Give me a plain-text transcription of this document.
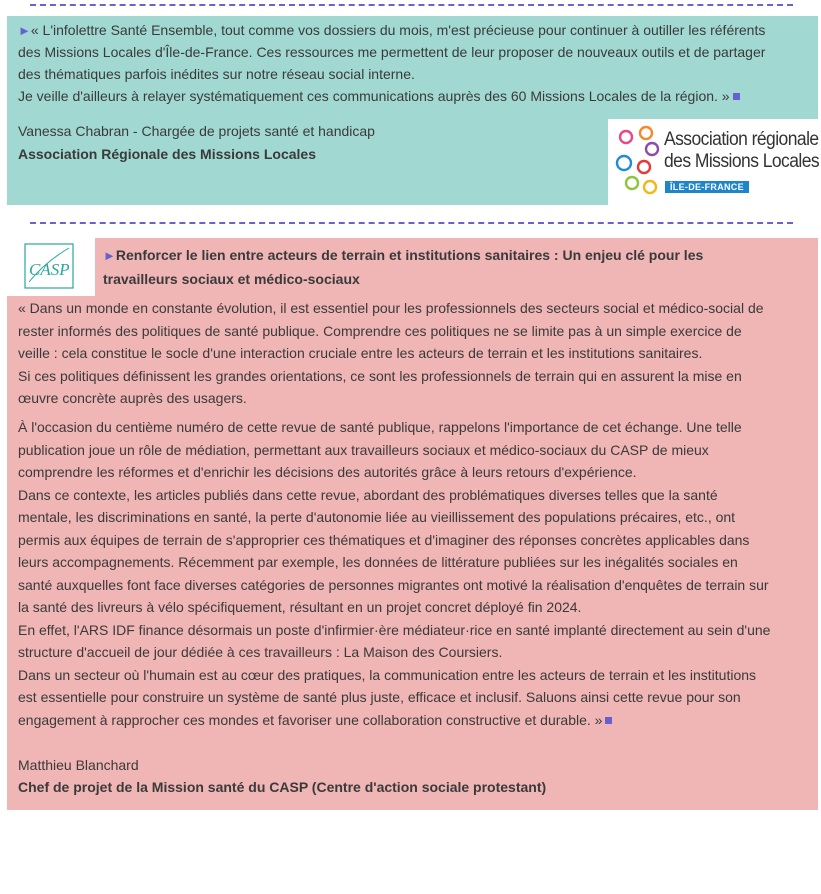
►« L'infolettre Santé Ensemble, tout comme vos dossiers du mois, m'est précieuse pour continuer à outiller les référents
des Missions Locales d'Île-de-France. Ces ressources me permettent de leur proposer de nouveaux outils et de partager
des thématiques parfois inédites sur notre réseau social interne.
Je veille d'ailleurs à relayer systématiquement ces communications auprès des 60 Missions Locales de la région. »
Vanessa Chabran - Chargée de projets santé et handicap
Association Régionale des Missions Locales
Association régionale
des Missions Locales
ÎLE-DE-FRANCE
CASP
►Renforcer le lien entre acteurs de terrain et institutions sanitaires : Un enjeu clé pour les
travailleurs sociaux et médico-sociaux

« Dans un monde en constante évolution, il est essentiel pour les professionnels des secteurs social et médico-social de

rester informés des politiques de santé publique. Comprendre ces politiques ne se limite pas à un simple exercice de

veille : cela constitue le socle d'une interaction cruciale entre les acteurs de terrain et les institutions sanitaires.

Si ces politiques définissent les grandes orientations, ce sont les professionnels de terrain qui en assurent la mise en

œuvre concrète auprès des usagers.

À l'occasion du centième numéro de cette revue de santé publique, rappelons l'importance de cet échange. Une telle

publication joue un rôle de médiation, permettant aux travailleurs sociaux et médico-sociaux du CASP de mieux

comprendre les réformes et d'enrichir les décisions des autorités grâce à leurs retours d'expérience.

Dans ce contexte, les articles publiés dans cette revue, abordant des problématiques diverses telles que la santé

mentale, les discriminations en santé, la perte d'autonomie liée au vieillissement des populations précaires, etc., ont

permis aux équipes de terrain de s'approprier ces thématiques et d'imaginer des réponses concrètes applicables dans

leurs accompagnements. Récemment par exemple, les données de littérature publiées sur les inégalités sociales en

santé auxquelles font face diverses catégories de personnes migrantes ont motivé la réalisation d'enquêtes de terrain sur

la santé des livreurs à vélo spécifiquement, résultant en un projet concret déployé fin 2024.

En effet, l'ARS IDF finance désormais un poste d'infirmier·ère médiateur·rice en santé implanté directement au sein d'une

structure d'accueil de jour dédiée à ces travailleurs : La Maison des Coursiers.

Dans un secteur où l'humain est au cœur des pratiques, la communication entre les acteurs de terrain et les institutions

est essentielle pour construire un système de santé plus juste, efficace et inclusif. Saluons ainsi cette revue pour son

engagement à rapprocher ces mondes et favoriser une collaboration constructive et durable. »

Matthieu Blanchard
Chef de projet de la Mission santé du CASP (Centre d'action sociale protestant)
